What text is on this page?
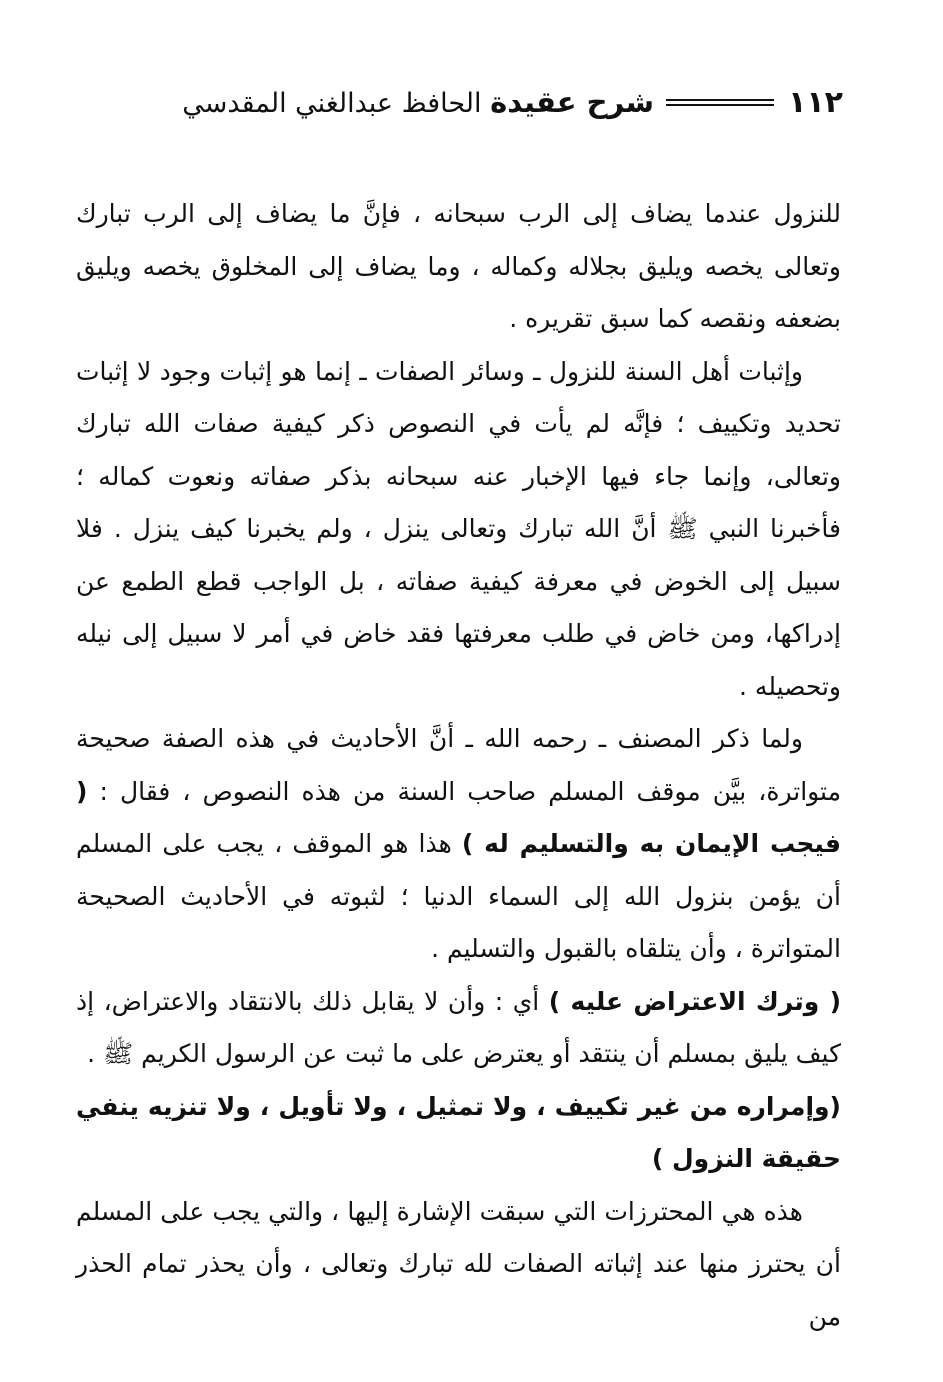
١١٢
شرح عقيدة الحافظ عبدالغني المقدسي

للنزول عندما يضاف إلى الرب سبحانه ، فإنَّ ما يضاف إلى الرب تبارك وتعالى يخصه ويليق بجلاله وكماله ، وما يضاف إلى المخلوق يخصه ويليق بضعفه ونقصه كما سبق تقريره .

وإثبات أهل السنة للنزول ـ وسائر الصفات ـ إنما هو إثبات وجود لا إثبات تحديد وتكييف ؛ فإنَّه لم يأت في النصوص ذكر كيفية صفات الله تبارك وتعالى، وإنما جاء فيها الإخبار عنه سبحانه بذكر صفاته ونعوت كماله ؛ فأخبرنا النبي ﷺ أنَّ الله تبارك وتعالى ينزل ، ولم يخبرنا كيف ينزل . فلا سبيل إلى الخوض في معرفة كيفية صفاته ، بل الواجب قطع الطمع عن إدراكها، ومن خاض في طلب معرفتها فقد خاض في أمر لا سبيل إلى نيله وتحصيله .

ولما ذكر المصنف ـ رحمه الله ـ أنَّ الأحاديث في هذه الصفة صحيحة متواترة، بيَّن موقف المسلم صاحب السنة من هذه النصوص ، فقال : ( فيجب الإيمان به والتسليم له ) هذا هو الموقف ، يجب على المسلم أن يؤمن بنزول الله إلى السماء الدنيا ؛ لثبوته في الأحاديث الصحيحة المتواترة ، وأن يتلقاه بالقبول والتسليم .

( وترك الاعتراض عليه ) أي : وأن لا يقابل ذلك بالانتقاد والاعتراض، إذ كيف يليق بمسلم أن ينتقد أو يعترض على ما ثبت عن الرسول الكريم ﷺ .

(وإمراره من غير تكييف ، ولا تمثيل ، ولا تأويل ، ولا تنزيه ينفي حقيقة النزول )

هذه هي المحترزات التي سبقت الإشارة إليها ، والتي يجب على المسلم أن يحترز منها عند إثباته الصفات لله تبارك وتعالى ، وأن يحذر تمام الحذر من
